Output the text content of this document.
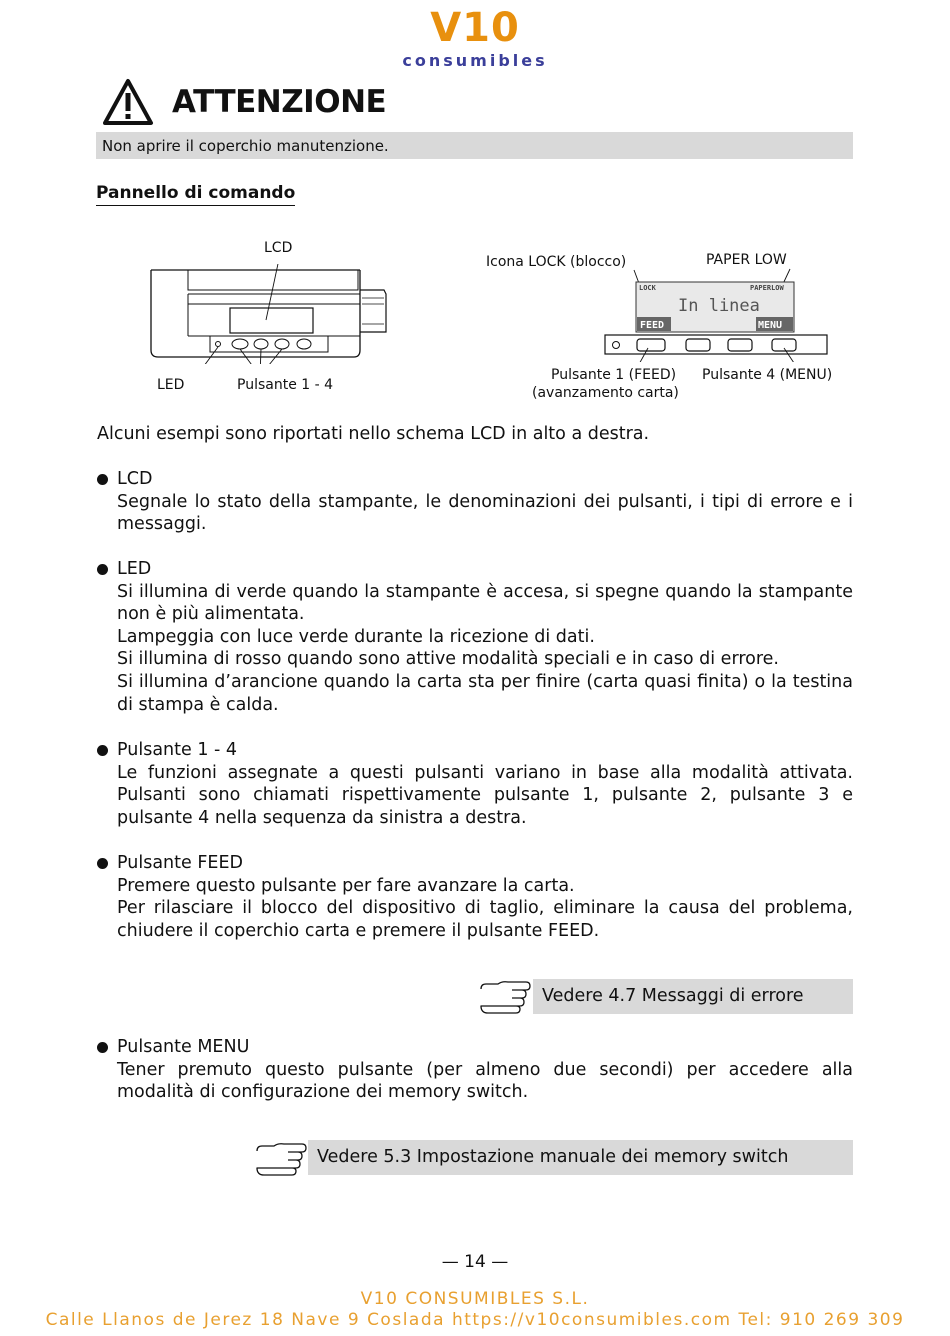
V10
consumibles
ATTENZIONE
Non aprire il coperchio manutenzione.
Pannello di comando
LCD
LED	Pulsante 1 - 4
Icona LOCK (blocco)	PAPER LOW
LOCK	PAPERLOW
In linea
FEED	MENU
Pulsante 1 (FEED)
(avanzamento carta)
Pulsante 4 (MENU)
Alcuni esempi sono riportati nello schema LCD in alto a destra.
LCD
Segnale lo stato della stampante, le denominazioni dei pulsanti, i tipi di errore e i messaggi.
LED
Si illumina di verde quando la stampante è accesa, si spegne quando la stampante non è più alimentata.
Lampeggia con luce verde durante la ricezione di dati.
Si illumina di rosso quando sono attive modalità speciali e in caso di errore.
Si illumina d’arancione quando la carta sta per finire (carta quasi finita) o la testina di stampa è calda.
Pulsante 1 - 4
Le funzioni assegnate a questi pulsanti variano in base alla modalità attivata. Pulsanti sono chiamati rispettivamente pulsante 1, pulsante 2, pulsante 3 e pulsante 4 nella sequenza da sinistra a destra.
Pulsante FEED
Premere questo pulsante per fare avanzare la carta.
Per rilasciare il blocco del dispositivo di taglio, eliminare la causa del problema, chiudere il coperchio carta e premere il pulsante FEED.
Vedere 4.7 Messaggi di errore
Pulsante MENU
Tener premuto questo pulsante (per almeno due secondi) per accedere alla modalità di configurazione dei memory switch.
Vedere 5.3 Impostazione manuale dei memory switch
— 14 —
V10 CONSUMIBLES S.L.
Calle Llanos de Jerez 18 Nave 9 Coslada https://v10consumibles.com Tel: 910 269 309
